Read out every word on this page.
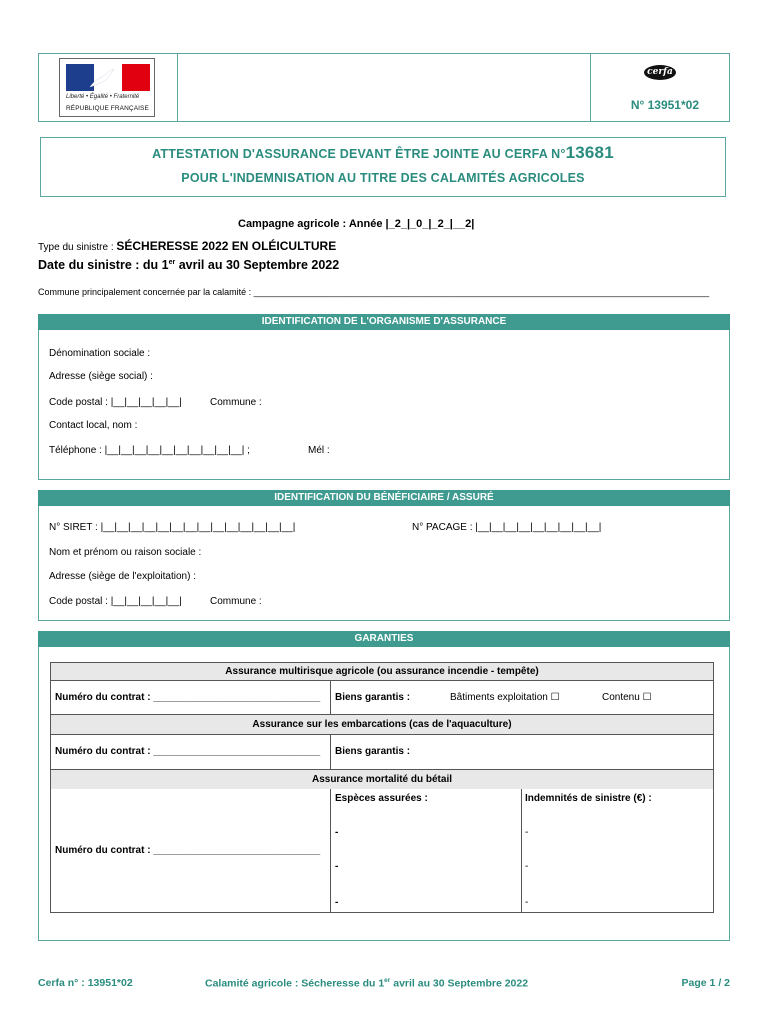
Liberté • Égalité • Fraternité
RÉPUBLIQUE FRANÇAISE
cerfa
N° 13951*02
ATTESTATION D'ASSURANCE DEVANT ÊTRE JOINTE AU CERFA N°13681
POUR L'INDEMNISATION AU TITRE DES CALAMITÉS AGRICOLES
Campagne agricole : Année |_2_|_0_|_2_|__2|
Type du sinistre : SÉCHERESSE 2022 EN OLÉICULTURE
Date du sinistre : du 1er avril au 30 Septembre 2022
Commune principalement concernée par la calamité : ___________________________________________________________________________________________
IDENTIFICATION DE L'ORGANISME D'ASSURANCE
Dénomination sociale :
Adresse (siège social) :
Code postal : |__|__|__|__|__|	Commune :
Contact local, nom :
Téléphone : |__|__|__|__|__|__|__|__|__|__| ;	Mél :
IDENTIFICATION DU BÉNÉFICIAIRE / ASSURÉ
N° SIRET : |__|__|__|__|__|__|__|__|__|__|__|__|__|__|	N° PACAGE : |__|__|__|__|__|__|__|__|__|
Nom et prénom ou raison sociale :
Adresse (siège de l'exploitation) :
Code postal : |__|__|__|__|__|	Commune :
GARANTIES
Assurance multirisque agricole (ou assurance incendie - tempête)
Numéro du contrat : ______________________________ Biens garantis :	Bâtiments exploitation ☐	Contenu ☐
Assurance sur les embarcations (cas de l'aquaculture)
Numéro du contrat : ______________________________ Biens garantis :
Assurance mortalité du bétail
Numéro du contrat : ______________________________
Espèces assurées :	Indemnités de sinistre (€) :
-	-
-	-
-	-
Cerfa n° : 13951*02	Calamité agricole : Sécheresse du 1er avril au 30 Septembre 2022	Page 1 / 2
